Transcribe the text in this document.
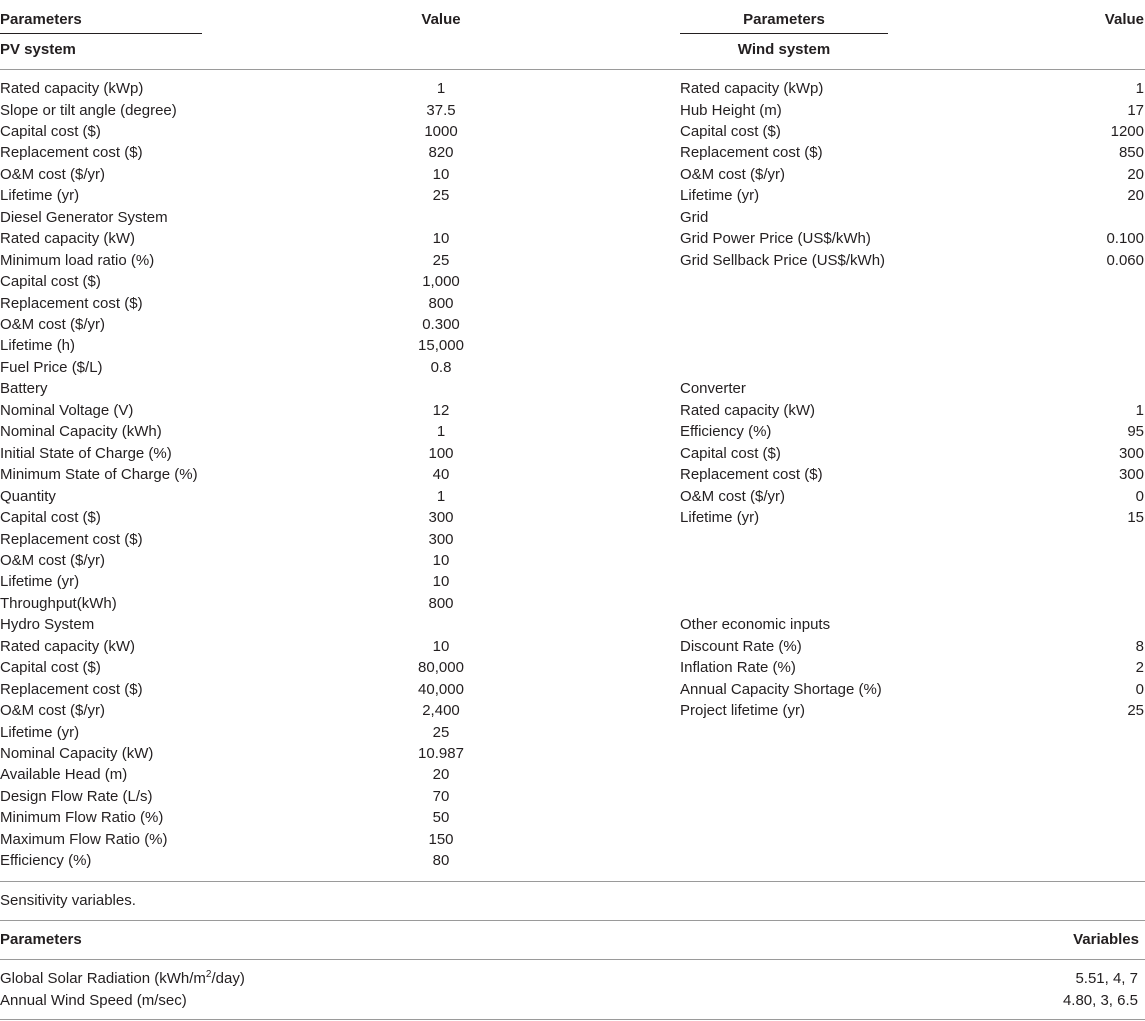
Parameters	Value	Parameters	Value
PV system	Wind system
Rated capacity (kWp)	1	Rated capacity (kWp)	1
Slope or tilt angle (degree)	37.5	Hub Height (m)	17
Capital cost ($)	1000	Capital cost ($)	1200
Replacement cost ($)	820	Replacement cost ($)	850
O&M cost ($/yr)	10	O&M cost ($/yr)	20
Lifetime (yr)	25	Lifetime (yr)	20
Diesel Generator System	Grid
Rated capacity (kW)	10	Grid Power Price (US$/kWh)	0.100
Minimum load ratio (%)	25	Grid Sellback Price (US$/kWh)	0.060
Capital cost ($)	1,000
Replacement cost ($)	800
O&M cost ($/yr)	0.300
Lifetime (h)	15,000
Fuel Price ($/L)	0.8
Battery	Converter
Nominal Voltage (V)	12	Rated capacity (kW)	1
Nominal Capacity (kWh)	1	Efficiency (%)	95
Initial State of Charge (%)	100	Capital cost ($)	300
Minimum State of Charge (%)	40	Replacement cost ($)	300
Quantity	1	O&M cost ($/yr)	0
Capital cost ($)	300	Lifetime (yr)	15
Replacement cost ($)	300
O&M cost ($/yr)	10
Lifetime (yr)	10
Throughput(kWh)	800
Hydro System	Other economic inputs
Rated capacity (kW)	10	Discount Rate (%)	8
Capital cost ($)	80,000	Inflation Rate (%)	2
Replacement cost ($)	40,000	Annual Capacity Shortage (%)	0
O&M cost ($/yr)	2,400	Project lifetime (yr)	25
Lifetime (yr)	25
Nominal Capacity (kW)	10.987
Available Head (m)	20
Design Flow Rate (L/s)	70
Minimum Flow Ratio (%)	50
Maximum Flow Ratio (%)	150
Efficiency (%)	80
Sensitivity variables.
Parameters	Variables
Global Solar Radiation $(kWh/m^2/day)$	5.51, 4, 7
Annual Wind Speed (m/sec)	4.80, 3, 6.5
